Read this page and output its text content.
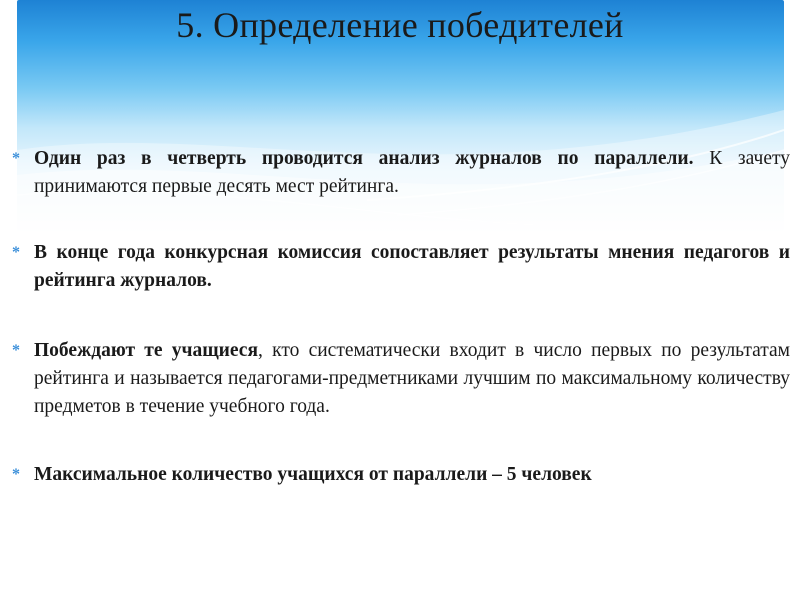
5. Определение победителей

* Один раз в четверть проводится анализ журналов по параллели. К зачету принимаются первые десять мест рейтинга.

* В конце года конкурсная комиссия сопоставляет результаты мнения педагогов и рейтинга журналов.

* Побеждают те учащиеся, кто систематически входит в число первых по результатам рейтинга и называется педагогами-предметниками лучшим по максимальному количеству предметов в течение учебного года.

* Максимальное количество учащихся от параллели – 5 человек
